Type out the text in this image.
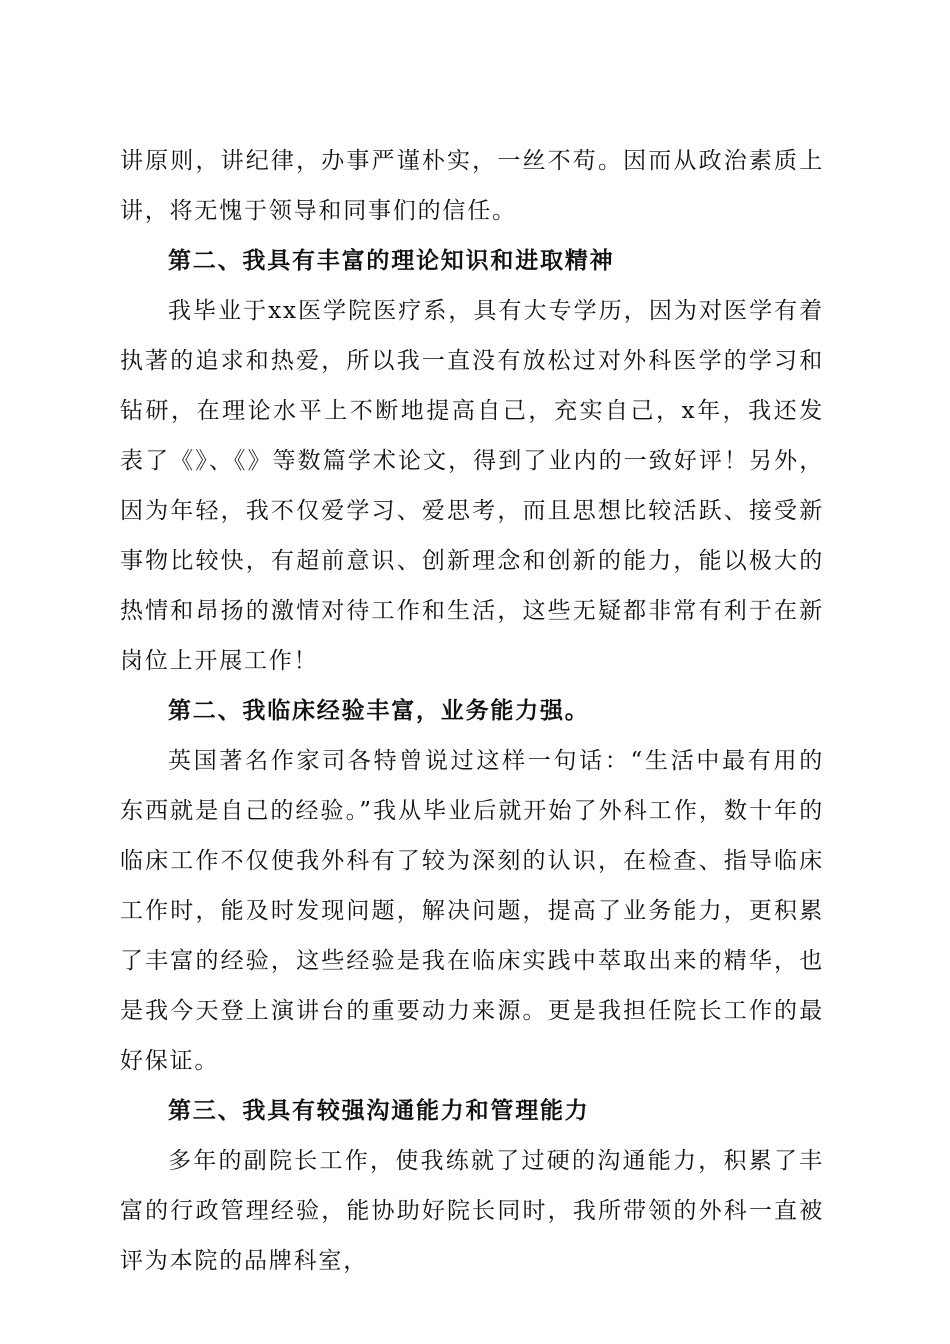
讲原则，讲纪律，办事严谨朴实，一丝不苟。因而从政治素质上讲，将无愧于领导和同事们的信任。

第二、我具有丰富的理论知识和进取精神

我毕业于xx医学院医疗系，具有大专学历，因为对医学有着执著的追求和热爱，所以我一直没有放松过对外科医学的学习和钻研，在理论水平上不断地提高自己，充实自己，x年，我还发表了《》、《》等数篇学术论文，得到了业内的一致好评！另外，因为年轻，我不仅爱学习、爱思考，而且思想比较活跃、接受新事物比较快，有超前意识、创新理念和创新的能力，能以极大的热情和昂扬的激情对待工作和生活，这些无疑都非常有利于在新岗位上开展工作！

第二、我临床经验丰富，业务能力强。

英国著名作家司各特曾说过这样一句话：“生活中最有用的东西就是自己的经验。”我从毕业后就开始了外科工作，数十年的临床工作不仅使我外科有了较为深刻的认识，在检查、指导临床工作时，能及时发现问题，解决问题，提高了业务能力，更积累了丰富的经验，这些经验是我在临床实践中萃取出来的精华，也是我今天登上演讲台的重要动力来源。更是我担任院长工作的最好保证。

第三、我具有较强沟通能力和管理能力

多年的副院长工作，使我练就了过硬的沟通能力，积累了丰富的行政管理经验，能协助好院长同时，我所带领的外科一直被评为本院的品牌科室，
